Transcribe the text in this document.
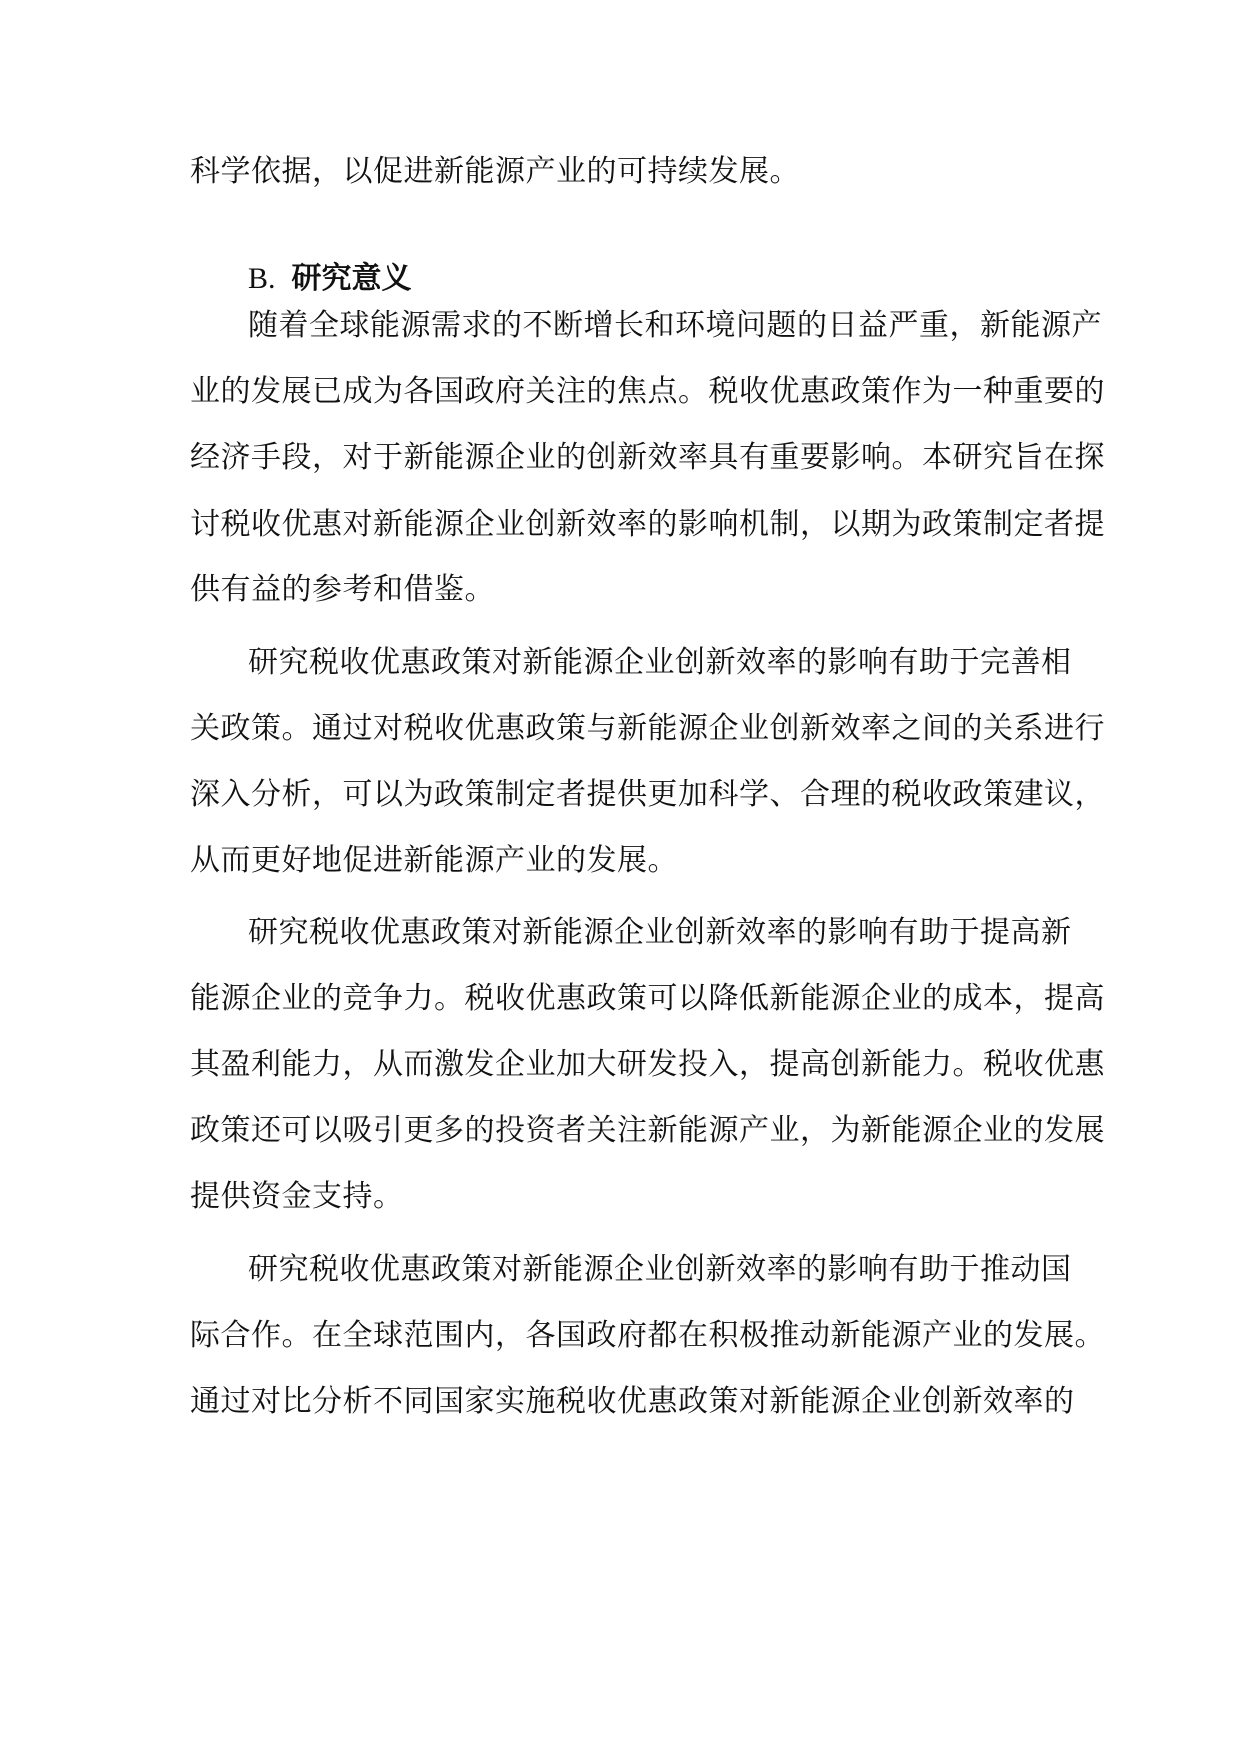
科学依据，以促进新能源产业的可持续发展。

B. 研究意义

随着全球能源需求的不断增长和环境问题的日益严重，新能源产

业的发展已成为各国政府关注的焦点。税收优惠政策作为一种重要的

经济手段，对于新能源企业的创新效率具有重要影响。本研究旨在探

讨税收优惠对新能源企业创新效率的影响机制，以期为政策制定者提

供有益的参考和借鉴。

研究税收优惠政策对新能源企业创新效率的影响有助于完善相

关政策。通过对税收优惠政策与新能源企业创新效率之间的关系进行

深入分析，可以为政策制定者提供更加科学、合理的税收政策建议，

从而更好地促进新能源产业的发展。

研究税收优惠政策对新能源企业创新效率的影响有助于提高新

能源企业的竞争力。税收优惠政策可以降低新能源企业的成本，提高

其盈利能力，从而激发企业加大研发投入，提高创新能力。税收优惠

政策还可以吸引更多的投资者关注新能源产业，为新能源企业的发展

提供资金支持。

研究税收优惠政策对新能源企业创新效率的影响有助于推动国

际合作。在全球范围内，各国政府都在积极推动新能源产业的发展。

通过对比分析不同国家实施税收优惠政策对新能源企业创新效率的
